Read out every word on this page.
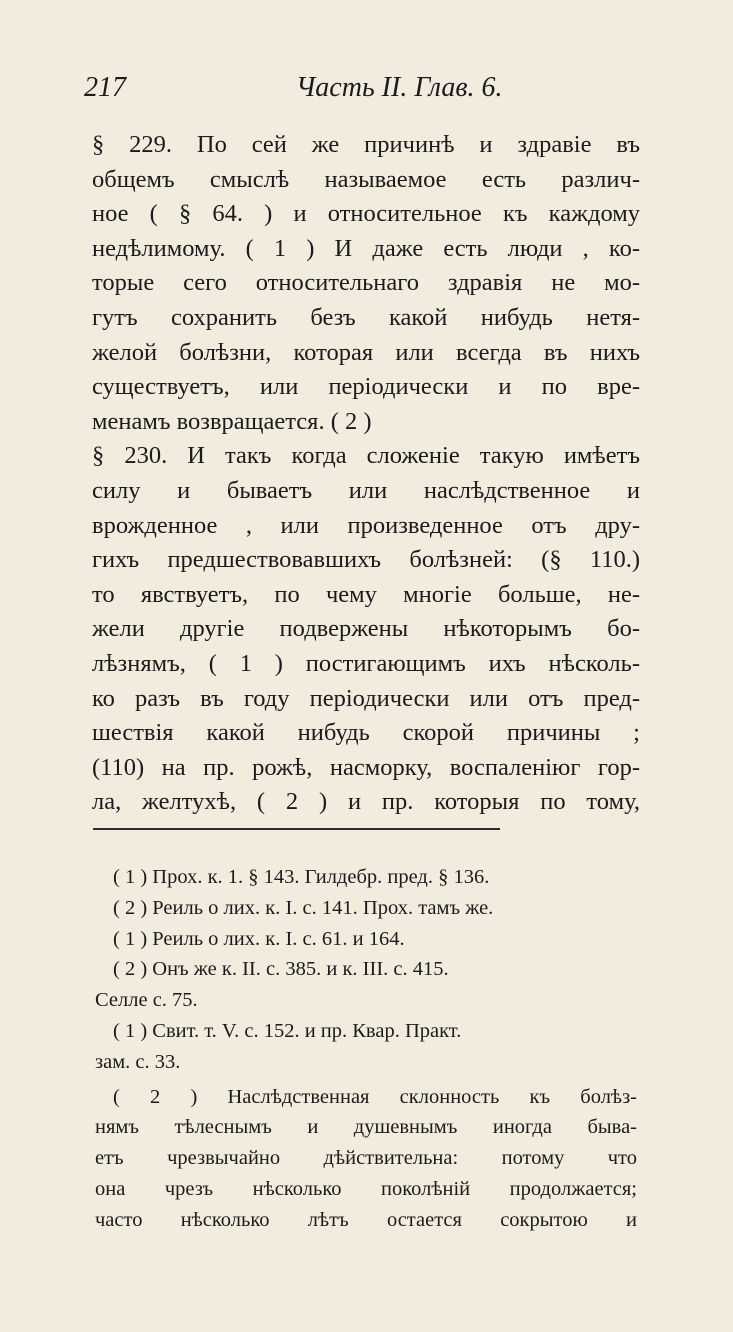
217	Часть II. Глав. 6.
§ 229. По сей же причинѣ и здравіе въ
общемъ смыслѣ называемое есть различ-
ное ( § 64. ) и относительное къ каждому
недѣлимому. ( 1 ) И даже есть люди , ко-
торые сего относительнаго здравія не мо-
гутъ сохранить безъ какой нибудь нетя-
желой болѣзни, которая или всегда въ нихъ
существуетъ, или періодически и по вре-
менамъ возвращается. ( 2 )
§ 230. И такъ когда сложеніе такую имѣетъ
силу и бываетъ или наслѣдственное и
врожденное , или произведенное отъ дру-
гихъ предшествовавшихъ болѣзней: (§ 110.)
то явствуетъ, по чему многіе больше, не-
жели другіе подвержены нѣкоторымъ бо-
лѣзнямъ, ( 1 ) постигающимъ ихъ нѣсколь-
ко разъ въ году періодически или отъ пред-
шествія какой нибудь скорой причины ;
(110) на пр. рожѣ, насморку, воспаленіюг гор-
ла, желтухѣ, ( 2 ) и пр. которыя по тому,
( 1 ) Прох. к. 1. § 143. Гилдебр. пред. § 136.
( 2 ) Реиль о лих. к. I. с. 141. Прох. тамъ же.
( 1 ) Реиль о лих. к. I. с. 61. и 164.
( 2 ) Онъ же к. II. с. 385. и к. III. с. 415.
Селле с. 75.
( 1 ) Свит. т. V. с. 152. и пр. Квар. Практ.
зам. с. 33.
( 2 ) Наслѣдственная склонность къ болѣз-
нямъ тѣлеснымъ и душевнымъ иногда быва-
етъ чрезвычайно дѣйствительна: потому что
она чрезъ нѣсколько поколѣній продолжается;
часто нѣсколько лѣтъ остается сокрытою и
